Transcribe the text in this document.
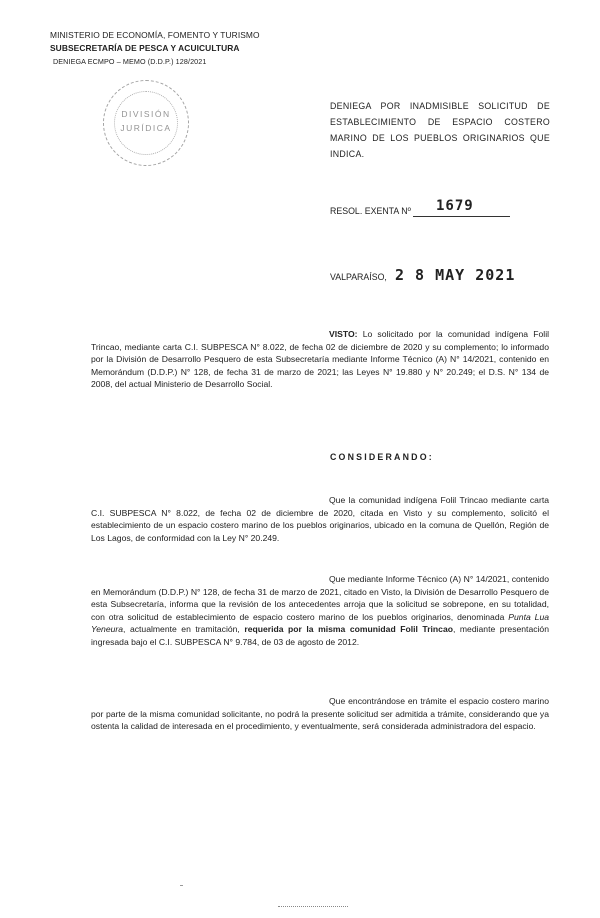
MINISTERIO DE ECONOMÍA, FOMENTO Y TURISMO
SUBSECRETARÍA DE PESCA Y ACUICULTURA
DENIEGA ECMPO – MEMO (D.D.P.) 128/2021
DIVISIÓN
JURÍDICA
DENIEGA POR INADMISIBLE SOLICITUD DE ESTABLECIMIENTO DE ESPACIO COSTERO MARINO DE LOS PUEBLOS ORIGINARIOS QUE INDICA.
RESOL. EXENTA Nº 1679
VALPARAÍSO, 2 8 MAY 2021
VISTO: Lo solicitado por la comunidad indígena Folil Trincao, mediante carta C.I. SUBPESCA N° 8.022, de fecha 02 de diciembre de 2020 y su complemento; lo informado por la División de Desarrollo Pesquero de esta Subsecretaría mediante Informe Técnico (A) N° 14/2021, contenido en Memorándum (D.D.P.) N° 128, de fecha 31 de marzo de 2021; las Leyes N° 19.880 y N° 20.249; el D.S. N° 134 de 2008, del actual Ministerio de Desarrollo Social.
CONSIDERANDO:
Que la comunidad indígena Folil Trincao mediante carta C.I. SUBPESCA N° 8.022, de fecha 02 de diciembre de 2020, citada en Visto y su complemento, solicitó el establecimiento de un espacio costero marino de los pueblos originarios, ubicado en la comuna de Quellón, Región de Los Lagos, de conformidad con la Ley N° 20.249.
Que mediante Informe Técnico (A) N° 14/2021, contenido en Memorándum (D.D.P.) N° 128, de fecha 31 de marzo de 2021, citado en Visto, la División de Desarrollo Pesquero de esta Subsecretaría, informa que la revisión de los antecedentes arroja que la solicitud se sobrepone, en su totalidad, con otra solicitud de establecimiento de espacio costero marino de los pueblos originarios, denominada Punta Lua Yeneura, actualmente en tramitación, requerida por la misma comunidad Folil Trincao, mediante presentación ingresada bajo el C.I. SUBPESCA N° 9.784, de 03 de agosto de 2012.
Que encontrándose en trámite el espacio costero marino por parte de la misma comunidad solicitante, no podrá la presente solicitud ser admitida a trámite, considerando que ya ostenta la calidad de interesada en el procedimiento, y eventualmente, será considerada administradora del espacio.
